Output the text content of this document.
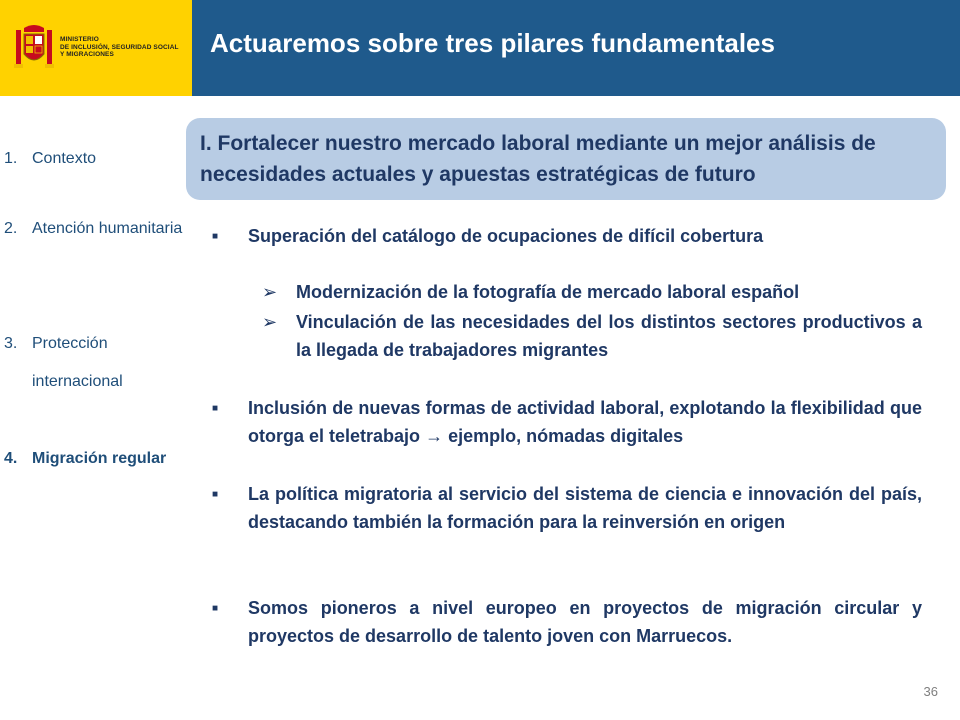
MINISTERIO
DE INCLUSIÓN, SEGURIDAD SOCIAL
Y MIGRACIONES	Actuaremos sobre tres pilares fundamentales
1. Contexto
2. Atención humanitaria
3. Protección internacional
4. Migración regular
I. Fortalecer nuestro mercado laboral mediante un mejor análisis de necesidades actuales y apuestas estratégicas de futuro
■	Superación del catálogo de ocupaciones de difícil cobertura
➢	Modernización de la fotografía de mercado laboral español
➢	Vinculación de las necesidades del los distintos sectores productivos a la llegada de trabajadores migrantes
■	Inclusión de nuevas formas de actividad laboral, explotando la flexibilidad que otorga el teletrabajo → ejemplo, nómadas digitales
■	La política migratoria al servicio del sistema de ciencia e innovación del país, destacando también la formación para la reinversión en origen
■	Somos pioneros a nivel europeo en proyectos de migración circular y proyectos de desarrollo de talento joven con Marruecos.
36
